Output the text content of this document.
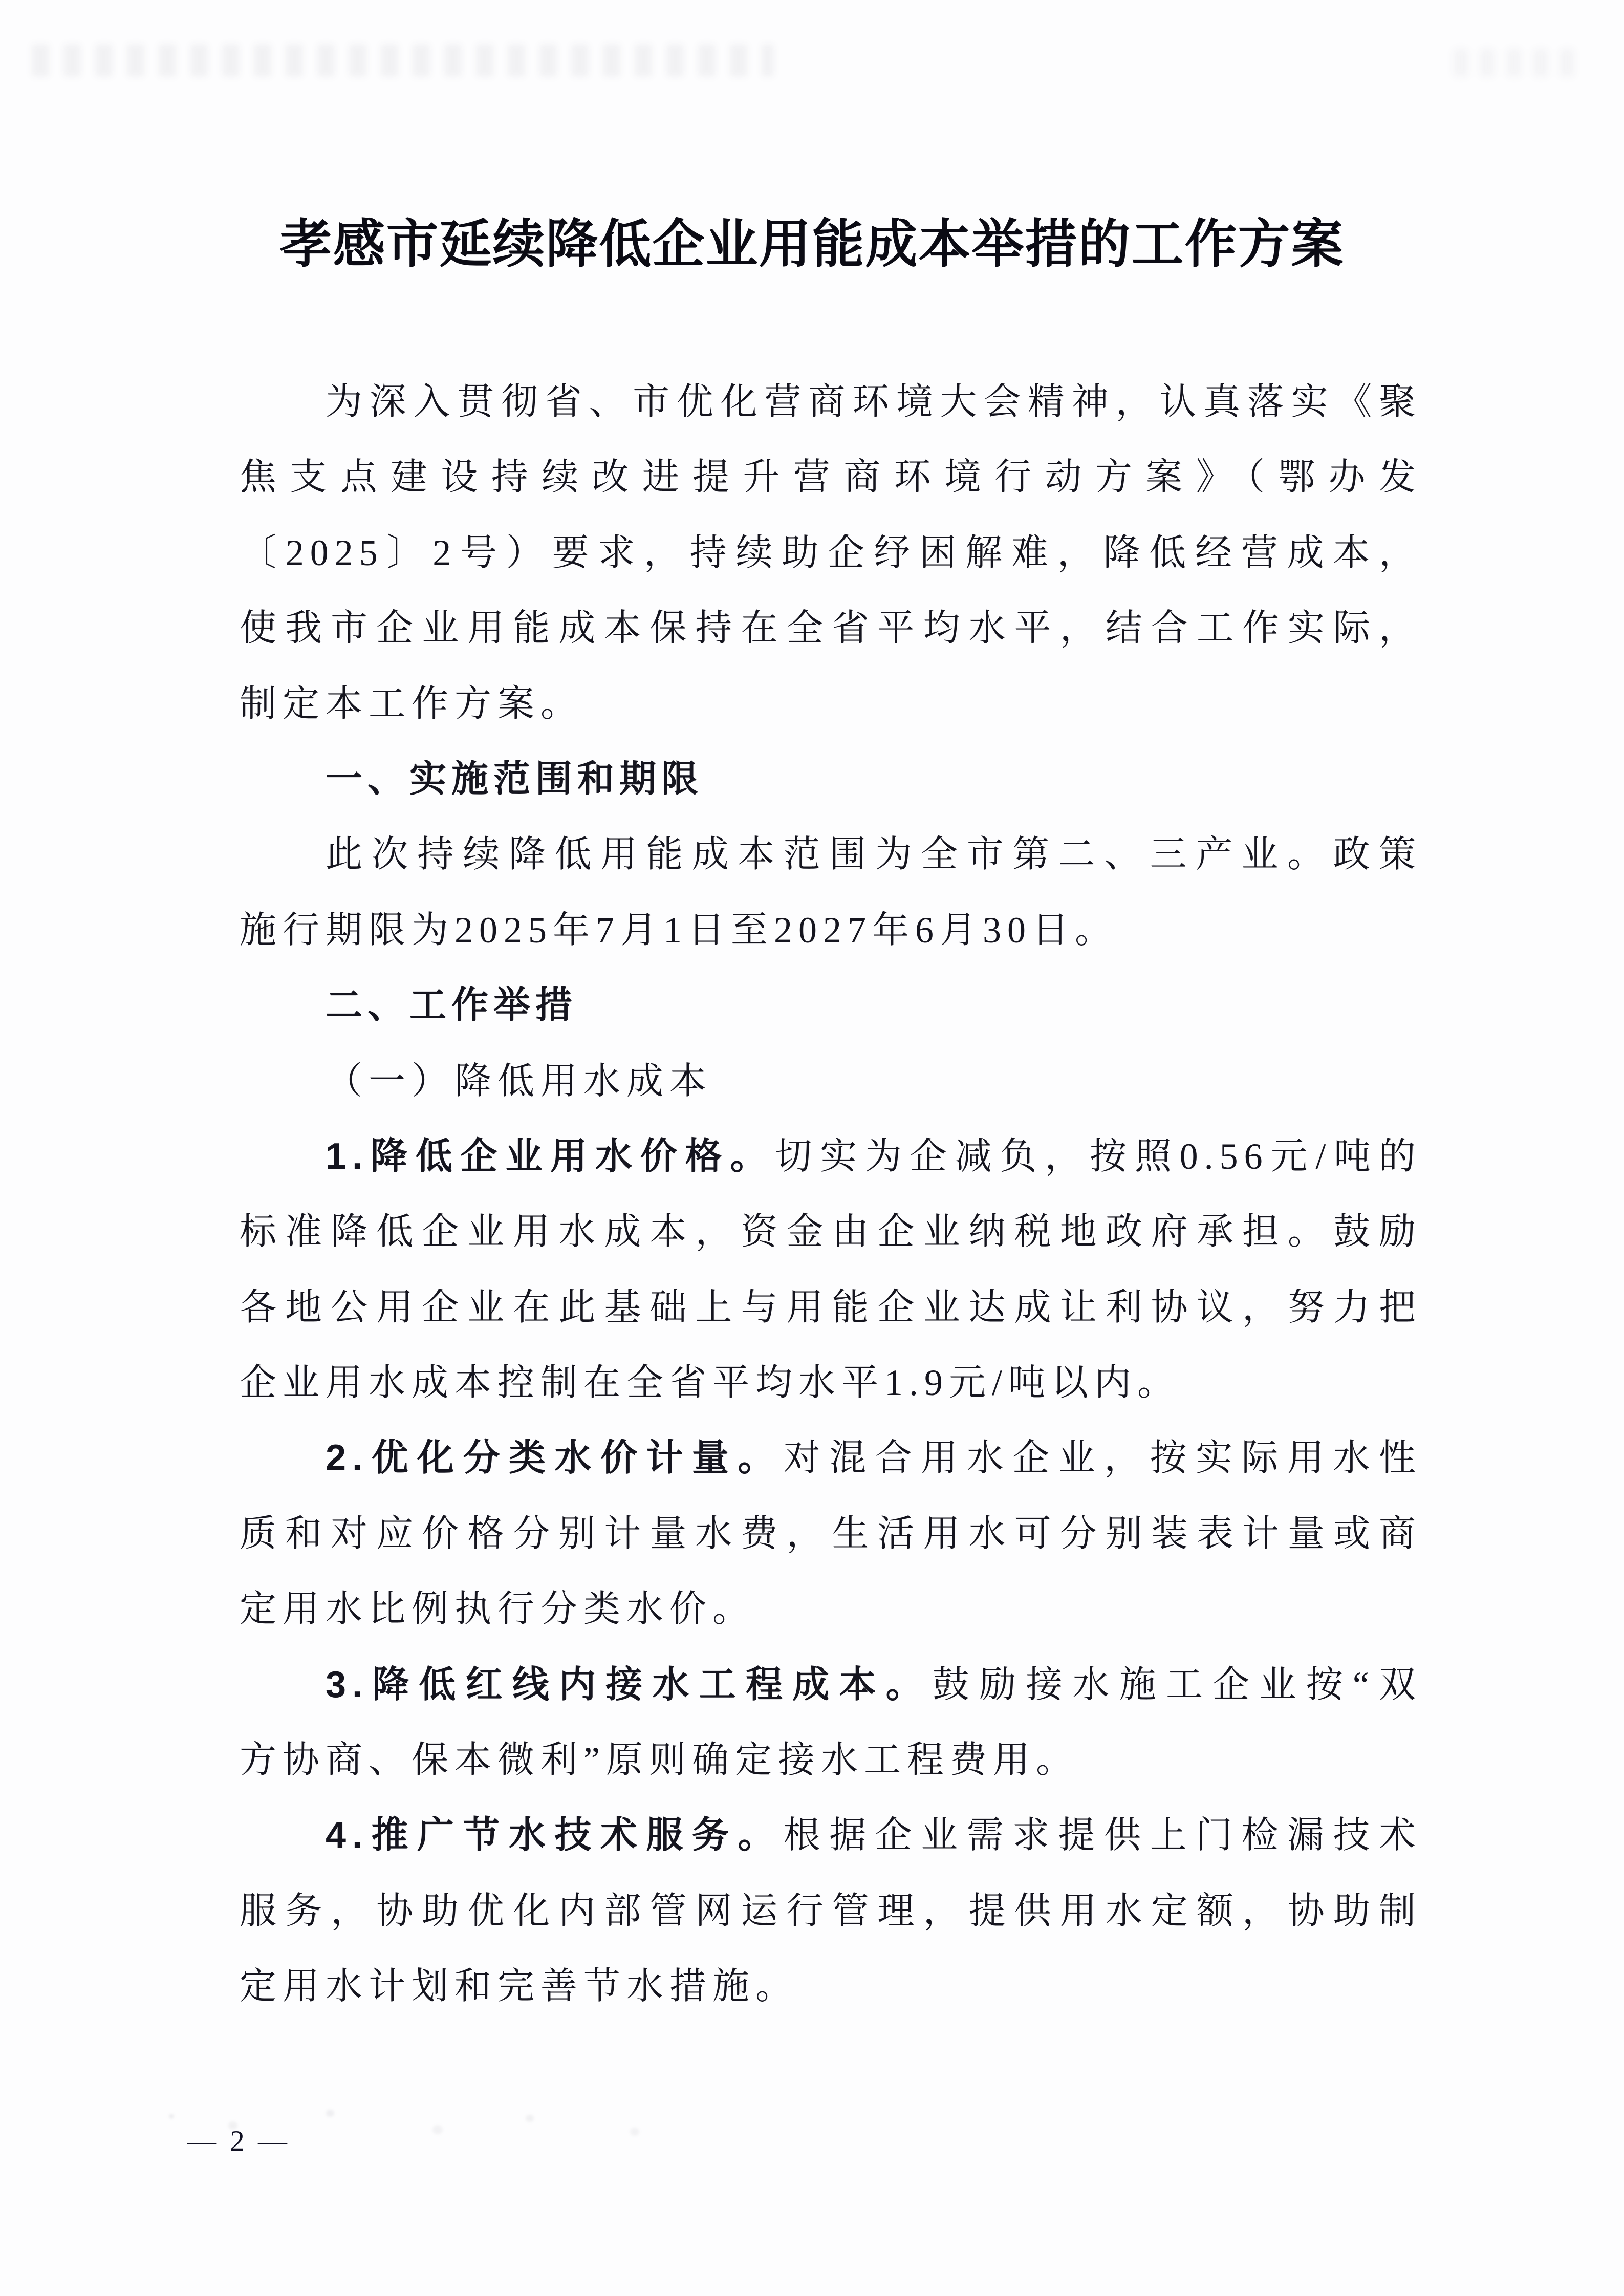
孝感市延续降低企业用能成本举措的工作方案
为深入贯彻省、市优化营商环境大会精神，认真落实《聚
焦支点建设持续改进提升营商环境行动方案》（鄂办发
〔2025〕2号）要求，持续助企纾困解难，降低经营成本，
使我市企业用能成本保持在全省平均水平，结合工作实际，
制定本工作方案。
一、实施范围和期限
此次持续降低用能成本范围为全市第二、三产业。政策
施行期限为2025年7月1日至2027年6月30日。
二、工作举措
（一）降低用水成本
1.降低企业用水价格。切实为企减负，按照0.56元/吨的
标准降低企业用水成本，资金由企业纳税地政府承担。鼓励
各地公用企业在此基础上与用能企业达成让利协议，努力把
企业用水成本控制在全省平均水平1.9元/吨以内。
2.优化分类水价计量。对混合用水企业，按实际用水性
质和对应价格分别计量水费，生活用水可分别装表计量或商
定用水比例执行分类水价。
3.降低红线内接水工程成本。鼓励接水施工企业按“双
方协商、保本微利”原则确定接水工程费用。
4.推广节水技术服务。根据企业需求提供上门检漏技术
服务，协助优化内部管网运行管理，提供用水定额，协助制
定用水计划和完善节水措施。
— 2 —
